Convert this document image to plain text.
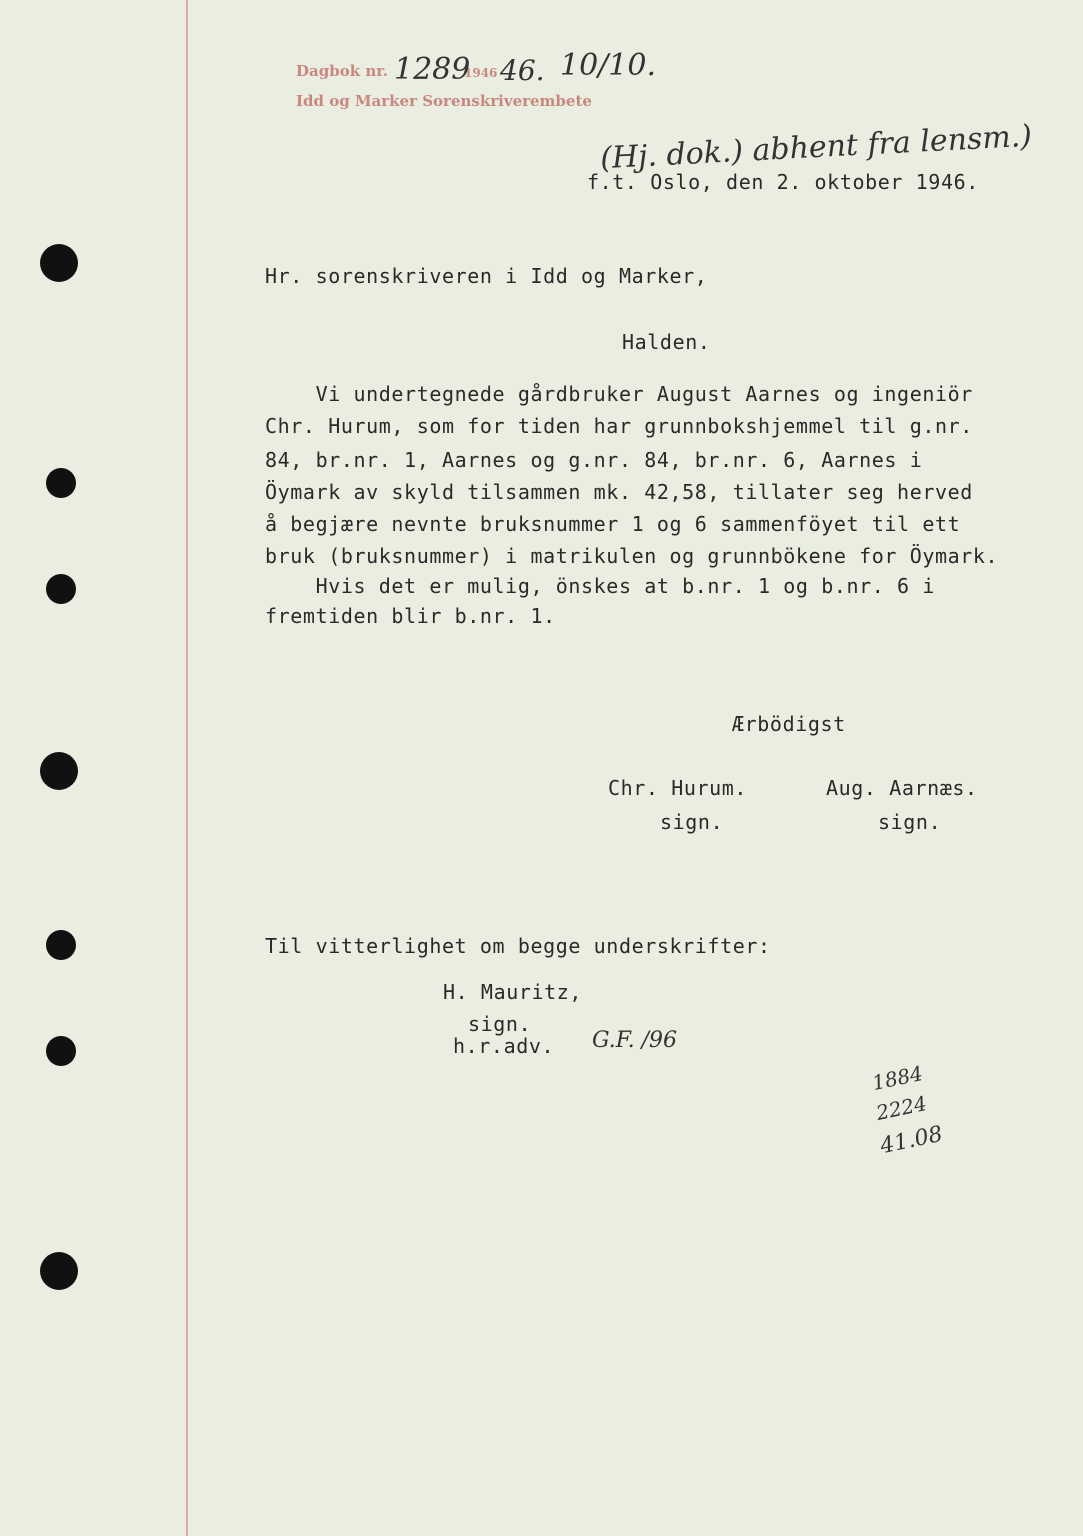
Dagbok nr.	1946
Idd og Marker Sorenskriverembete
1289 46. 10/10.
(Hj. dok.) abhent fra lensm.)
f.t. Oslo, den 2. oktober 1946.
Hr. sorenskriveren i Idd og Marker,
Halden.
Vi undertegnede gårdbruker August Aarnes og ingeniör
Chr. Hurum, som for tiden har grunnbokshjemmel til g.nr.
84, br.nr. 1, Aarnes og g.nr. 84, br.nr. 6, Aarnes i
Öymark av skyld tilsammen mk. 42,58, tillater seg herved
å begjære nevnte bruksnummer 1 og 6 sammenföyet til ett
bruk (bruksnummer) i matrikulen og grunnbökene for Öymark.
Hvis det er mulig, önskes at b.nr. 1 og b.nr. 6 i
fremtiden blir b.nr. 1.
Ærbödigst
Chr. Hurum.
sign.
Aug. Aarnæs.
sign.
Til vitterlighet om begge underskrifter:
H. Mauritz,
sign.
h.r.adv. G.F. /96
1884
2224
41.08
